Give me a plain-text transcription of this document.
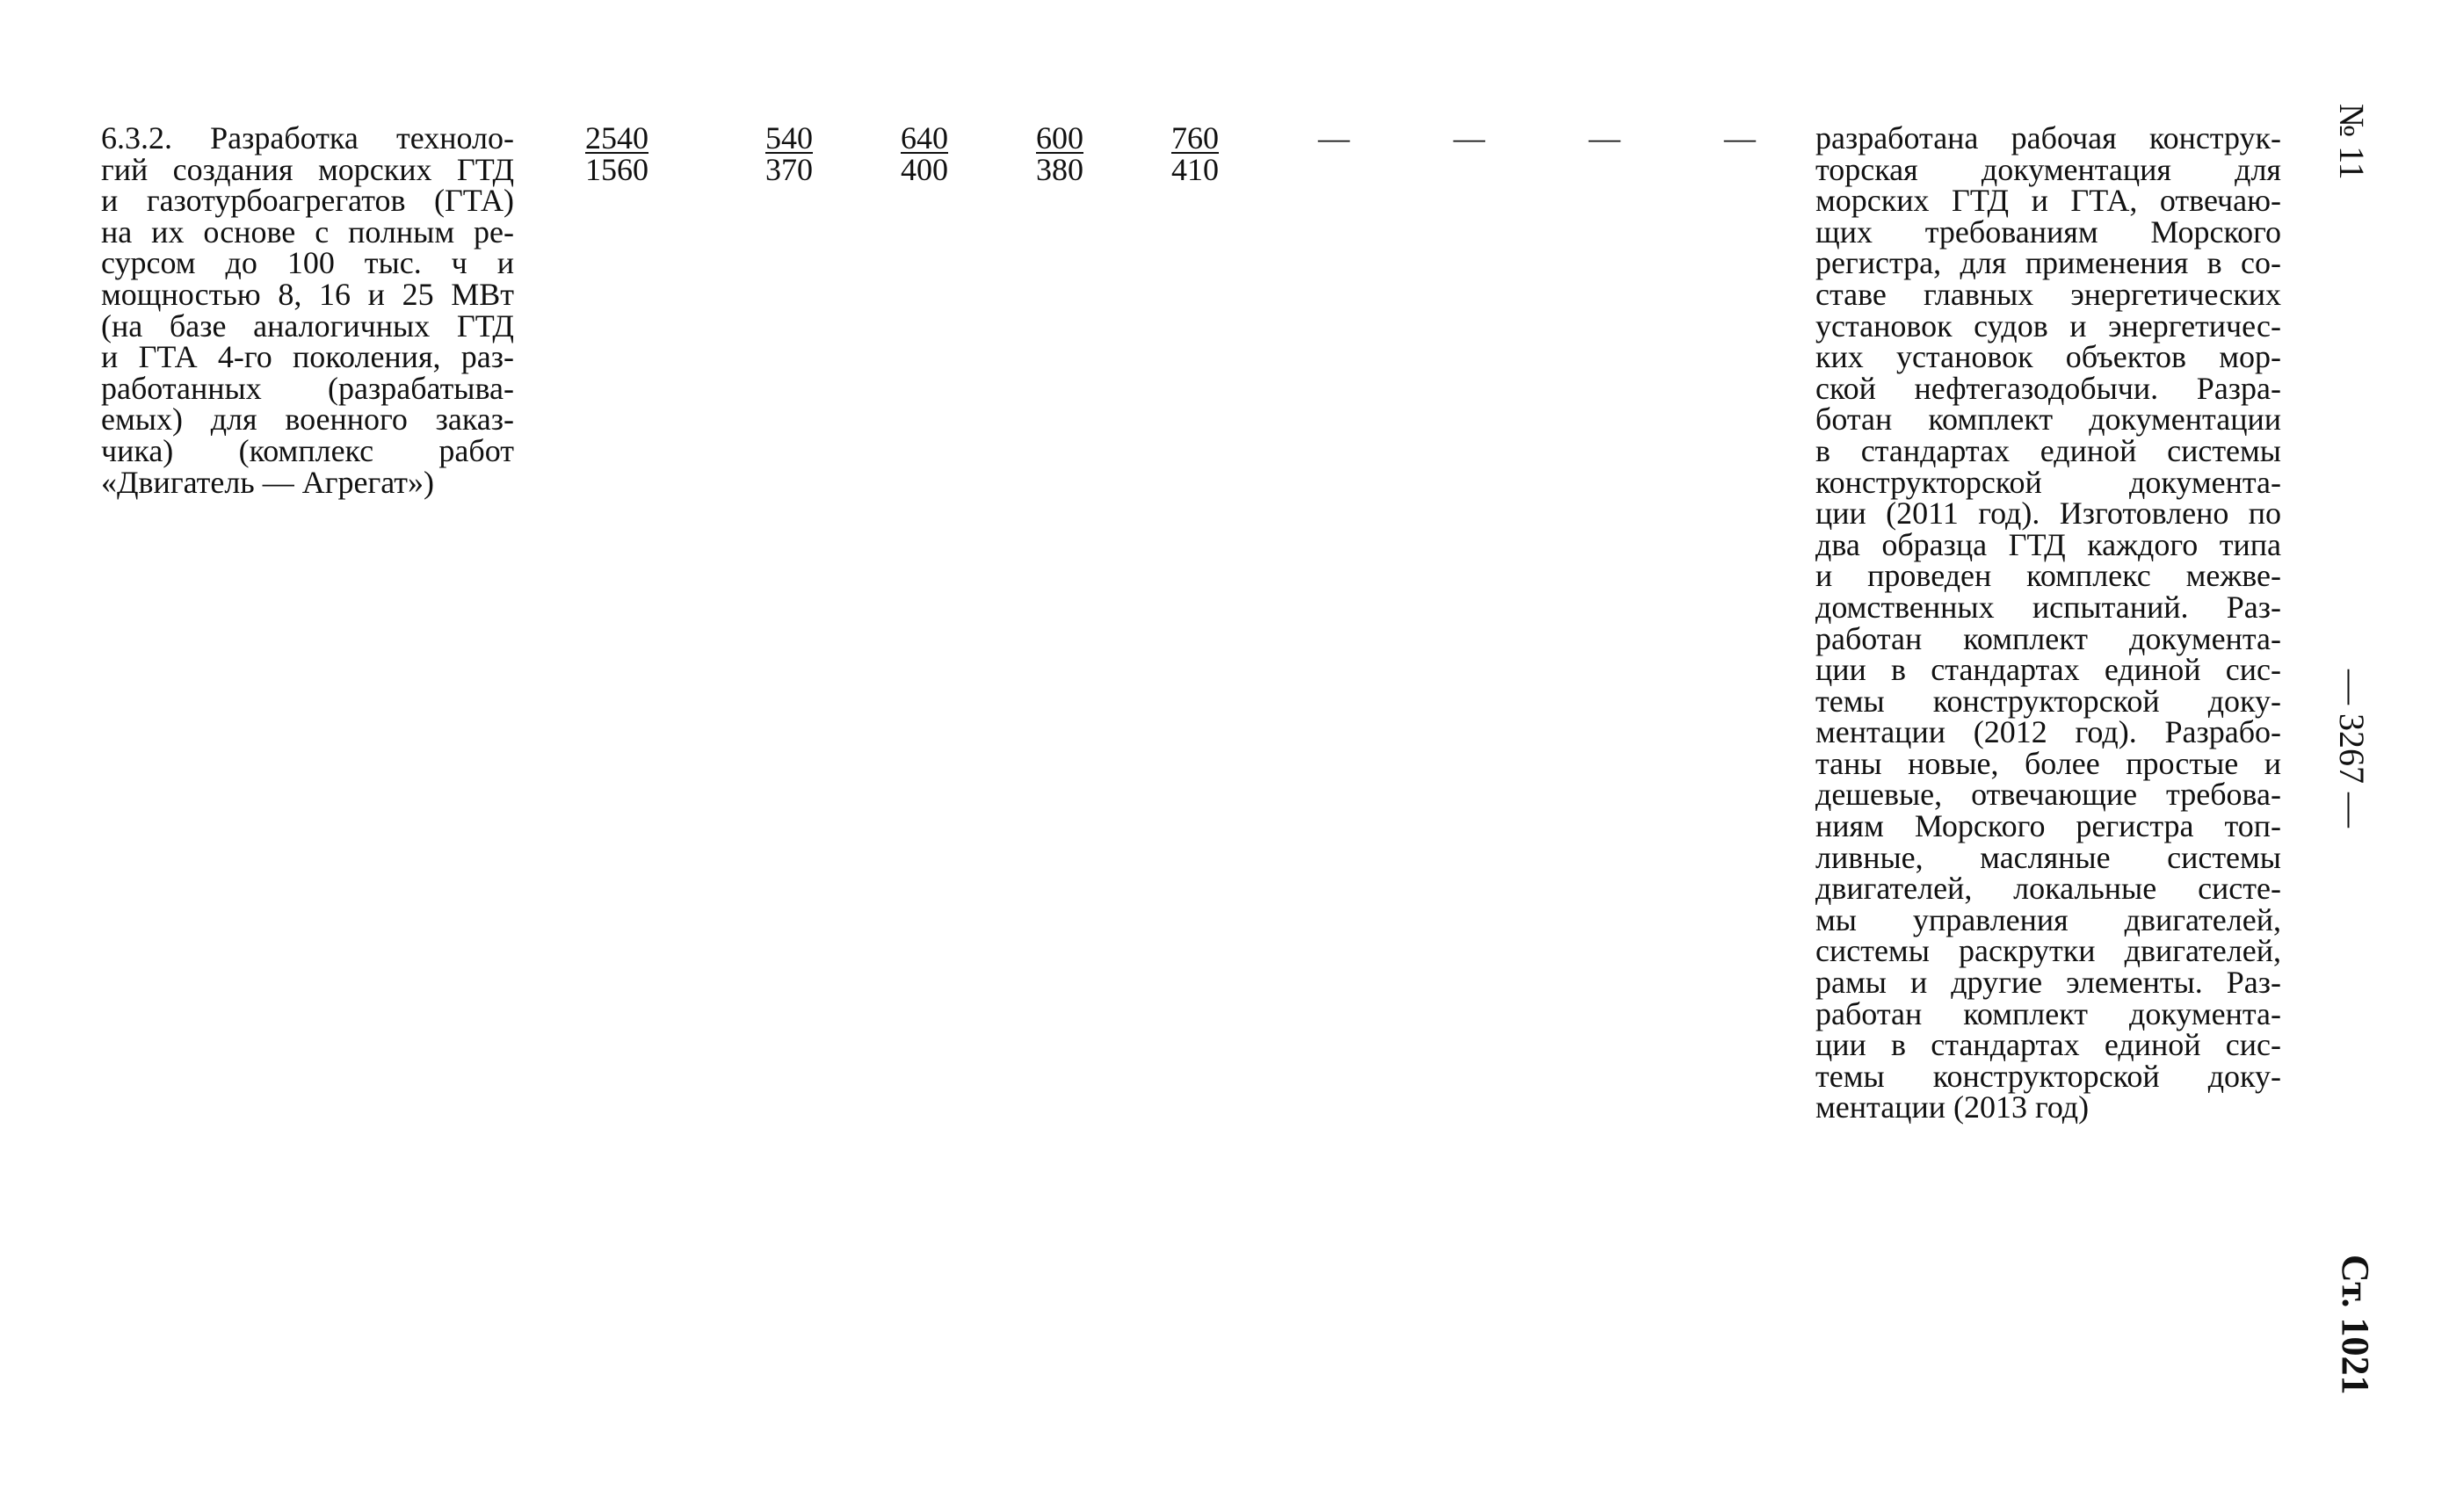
6.3.2. Разработка техноло-
гий создания морских ГТД
и газотурбоагрегатов (ГТА)
на их основе с полным ре-
сурсом до 100 тыс. ч и
мощностью 8, 16 и 25 МВт
(на базе аналогичных ГТД
и ГТА 4-го поколения, раз-
работанных (разрабатыва-
емых) для военного заказ-
чика) (комплекс работ
«Двигатель — Агрегат»)
$\frac{2540}{1560}$	$\frac{540}{370}$	$\frac{640}{400}$	$\frac{600}{380}$	$\frac{760}{410}$	—	—	—	— разработана рабочая конструк-
торская документация для
морских ГТД и ГТА, отвечаю-
щих требованиям Морского
регистра, для применения в со-
ставе главных энергетических
установок судов и энергетичес-
ких установок объектов мор-
ской нефтегазодобычи. Разра-
ботан комплект документации
в стандартах единой системы
конструкторской документа-
ции (2011 год). Изготовлено по
два образца ГТД каждого типа
и проведен комплекс межве-
домственных испытаний. Раз-
работан комплект документа-
ции в стандартах единой сис-
темы конструкторской доку-
ментации (2012 год). Разрабо-
таны новые, более простые и
дешевые, отвечающие требова-
ниям Морского регистра топ-
ливные, масляные системы
двигателей, локальные систе-
мы управления двигателей,
системы раскрутки двигателей,
рамы и другие элементы. Раз-
работан комплект документа-
ции в стандартах единой сис-
темы конструкторской доку-
ментации (2013 год)
№ 11
— 3267 —
Ст. 1021
